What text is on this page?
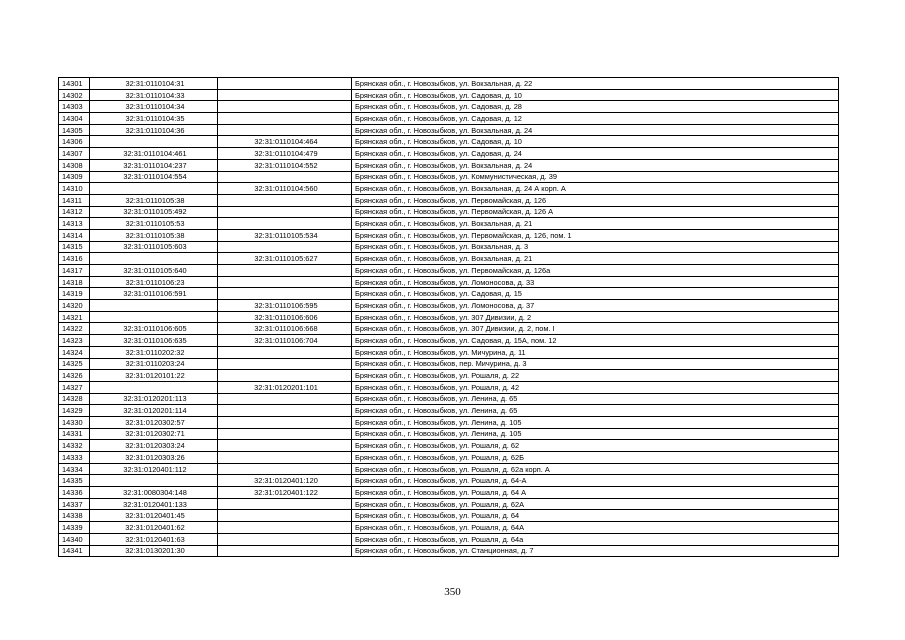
14301	32:31:0110104:31		Брянская обл., г. Новозыбков, ул. Вокзальная, д. 22
14302	32:31:0110104:33		Брянская обл., г. Новозыбков, ул. Садовая, д. 10
14303	32:31:0110104:34		Брянская обл., г. Новозыбков, ул. Садовая, д. 28
14304	32:31:0110104:35		Брянская обл., г. Новозыбков, ул. Садовая, д. 12
14305	32:31:0110104:36		Брянская обл., г. Новозыбков, ул. Вокзальная, д. 24
14306		32:31:0110104:464	Брянская обл., г. Новозыбков, ул. Садовая, д. 10
14307	32:31:0110104:461	32:31:0110104:479	Брянская обл., г. Новозыбков, ул. Садовая, д. 24
14308	32:31:0110104:237	32:31:0110104:552	Брянская обл., г. Новозыбков, ул. Вокзальная, д. 24
14309	32:31:0110104:554		Брянская обл., г. Новозыбков, ул. Коммунистическая, д. 39
14310		32:31:0110104:560	Брянская обл., г. Новозыбков, ул. Вокзальная, д. 24 А корп. А
14311	32:31:0110105:38		Брянская обл., г. Новозыбков, ул. Первомайская, д. 126
14312	32:31:0110105:492		Брянская обл., г. Новозыбков, ул. Первомайская, д. 126 А
14313	32:31:0110105:53		Брянская обл., г. Новозыбков, ул. Вокзальная, д. 21
14314	32:31:0110105:38	32:31:0110105:534	Брянская обл., г. Новозыбков, ул. Первомайская, д. 126, пом. 1
14315	32:31:0110105:603		Брянская обл., г. Новозыбков, ул. Вокзальная, д. 3
14316		32:31:0110105:627	Брянская обл., г. Новозыбков, ул. Вокзальная, д. 21
14317	32:31:0110105:640		Брянская обл., г. Новозыбков, ул. Первомайская, д. 126а
14318	32:31:0110106:23		Брянская обл., г. Новозыбков, ул. Ломоносова, д. 33
14319	32:31:0110106:591		Брянская обл., г. Новозыбков, ул. Садовая, д. 15
14320		32:31:0110106:595	Брянская обл., г. Новозыбков, ул. Ломоносова, д. 37
14321		32:31:0110106:606	Брянская обл., г. Новозыбков, ул. 307 Дивизии, д. 2
14322	32:31:0110106:605	32:31:0110106:668	Брянская обл., г. Новозыбков, ул. 307 Дивизии, д. 2, пом. I
14323	32:31:0110106:635	32:31:0110106:704	Брянская обл., г. Новозыбков, ул. Садовая, д. 15А, пом. 12
14324	32:31:0110202:32		Брянская обл., г. Новозыбков, ул. Мичурина, д. 11
14325	32:31:0110203:24		Брянская обл., г. Новозыбков, пер. Мичурина, д. 3
14326	32:31:0120101:22		Брянская обл., г. Новозыбков, ул. Рошаля, д. 22
14327		32:31:0120201:101	Брянская обл., г. Новозыбков, ул. Рошаля, д. 42
14328	32:31:0120201:113		Брянская обл., г. Новозыбков, ул. Ленина, д. 65
14329	32:31:0120201:114		Брянская обл., г. Новозыбков, ул. Ленина, д. 65
14330	32:31:0120302:57		Брянская обл., г. Новозыбков, ул. Ленина, д. 105
14331	32:31:0120302:71		Брянская обл., г. Новозыбков, ул. Ленина, д. 105
14332	32:31:0120303:24		Брянская обл., г. Новозыбков, ул. Рошаля, д. 62
14333	32:31:0120303:26		Брянская обл., г. Новозыбков, ул. Рошаля, д. 62Б
14334	32:31:0120401:112		Брянская обл., г. Новозыбков, ул. Рошаля, д. 62а корп. А
14335		32:31:0120401:120	Брянская обл., г. Новозыбков, ул. Рошаля, д. 64-А
14336	32:31:0080304:148	32:31:0120401:122	Брянская обл., г. Новозыбков, ул. Рошаля, д. 64 А
14337	32:31:0120401:133		Брянская обл., г. Новозыбков, ул. Рошаля, д. 62А
14338	32:31:0120401:45		Брянская обл., г. Новозыбков, ул. Рошаля, д. 64
14339	32:31:0120401:62		Брянская обл., г. Новозыбков, ул. Рошаля, д. 64А
14340	32:31:0120401:63		Брянская обл., г. Новозыбков, ул. Рошаля, д. 64а
14341	32:31:0130201:30		Брянская обл., г. Новозыбков, ул. Станционная, д. 7
350
